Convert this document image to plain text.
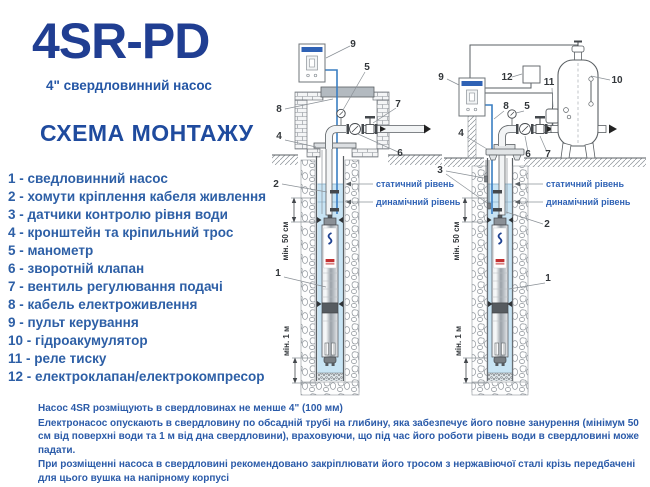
4SR-PD
4" свердловинний насос
СХЕМА МОНТАЖУ
1 - сведловинний насос
2 - хомути кріплення кабеля живлення
3 - датчики контролю рівня води
4 - кронштейн та кріпильний трос
5 - манометр
6 - зворотній клапан
7 - вентиль регулювання подачі
8 - кабель електроживлення
9 - пульт керування
10 - гідроакумулятор
11 - реле тиску
12 - електроклапан/електрокомпресор
статичний рівень
динамічний рівень
мін. 50 см
мін. 1 м
9
5
7
8
4
6
2
1
статичний рівень
динамічний рівень
мін. 50 см
мін. 1 м
9	12	11	10
8 5
4
6 7
3
2
1

Насос 4SR розміщують в свердловинах не менше 4" (100 мм)

Електронасос опускають в свердловину по обсадній трубі на глибину, яка забезпечує його повне занурення (мінімум 50 см від поверхні води та 1 м від дна свердловини), враховуючи, що під час його роботи рівень води в свердловині може падати.

При розміщенні насоса в свердловині рекомендовано закріплювати його тросом з нержавіючої сталі крізь передбачені для цього вушка на напірному корпусі
